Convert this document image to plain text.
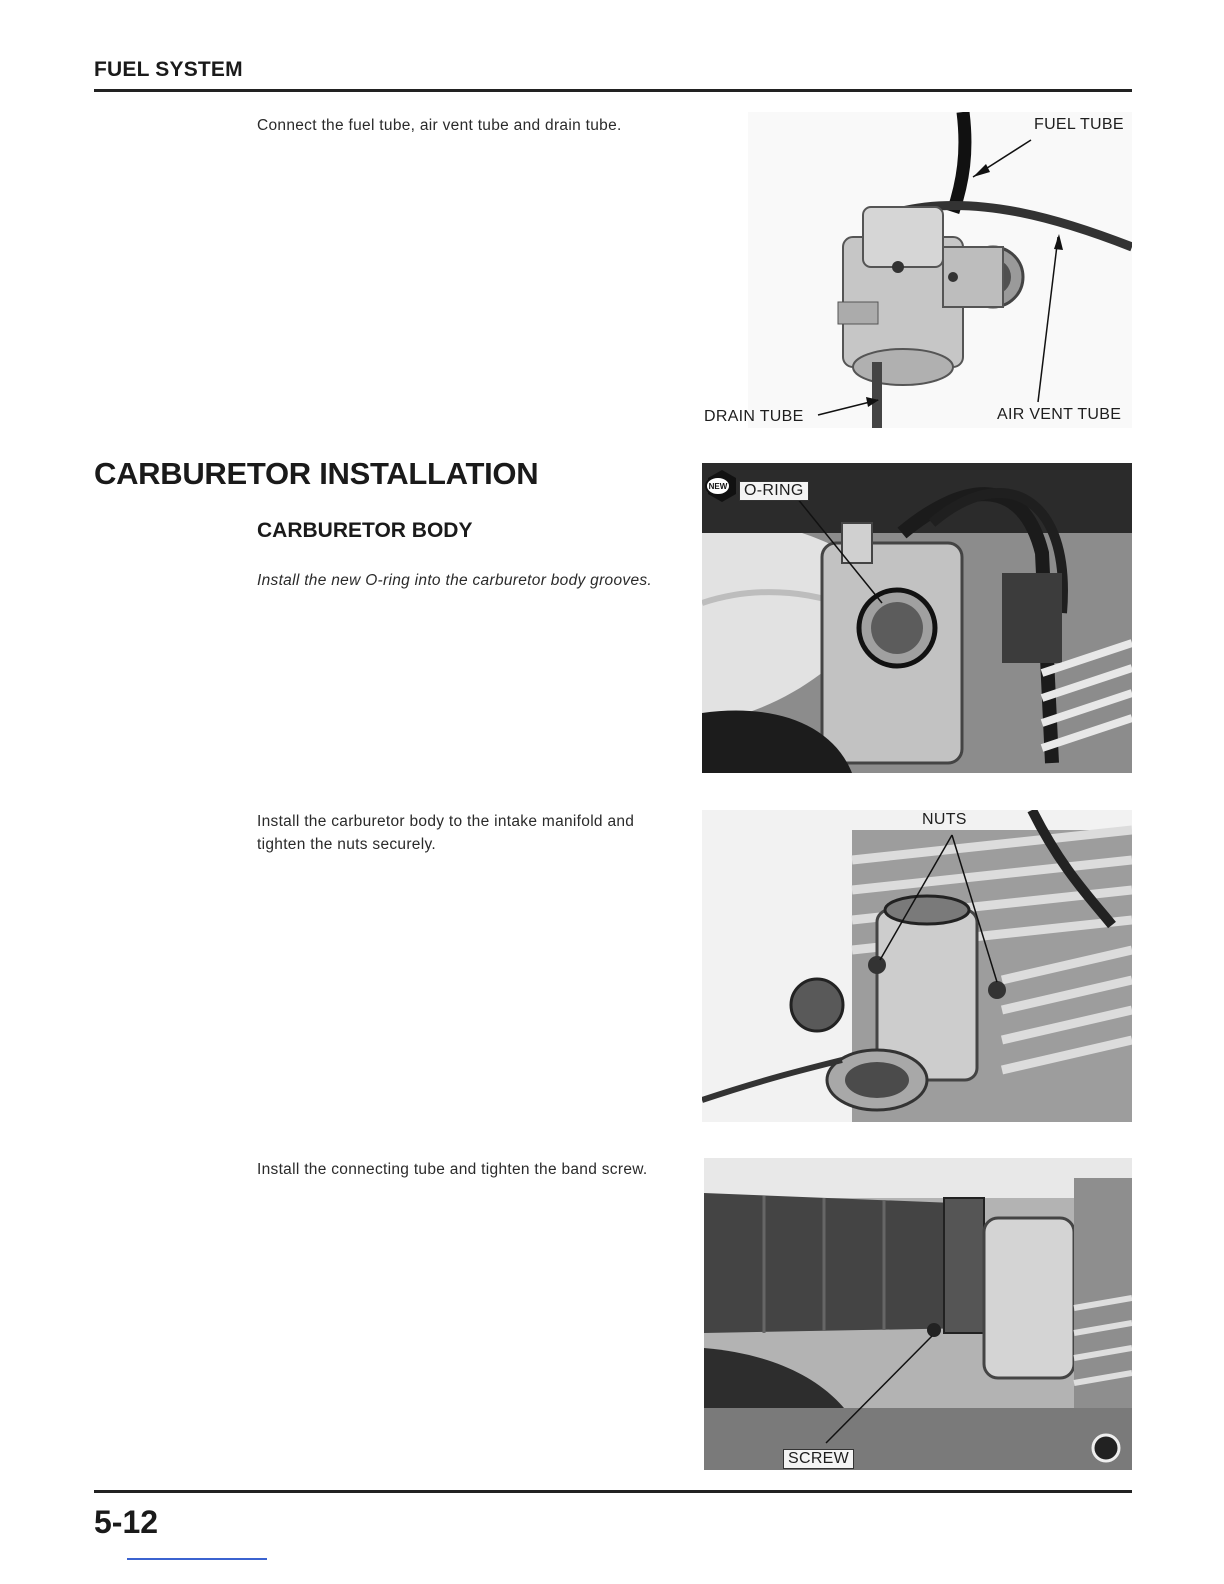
FUEL SYSTEM
Connect the fuel tube, air vent tube and drain tube.	FUEL TUBE
DRAIN TUBE	AIR VENT TUBE
CARBURETOR INSTALLATION
CARBURETOR BODY
Install the new O-ring into the carburetor body grooves.
NEW	O-RING
Install the carburetor body to the intake manifold and tighten the nuts securely.
NUTS
Install the connecting tube and tighten the band screw.
SCREW
5-12
